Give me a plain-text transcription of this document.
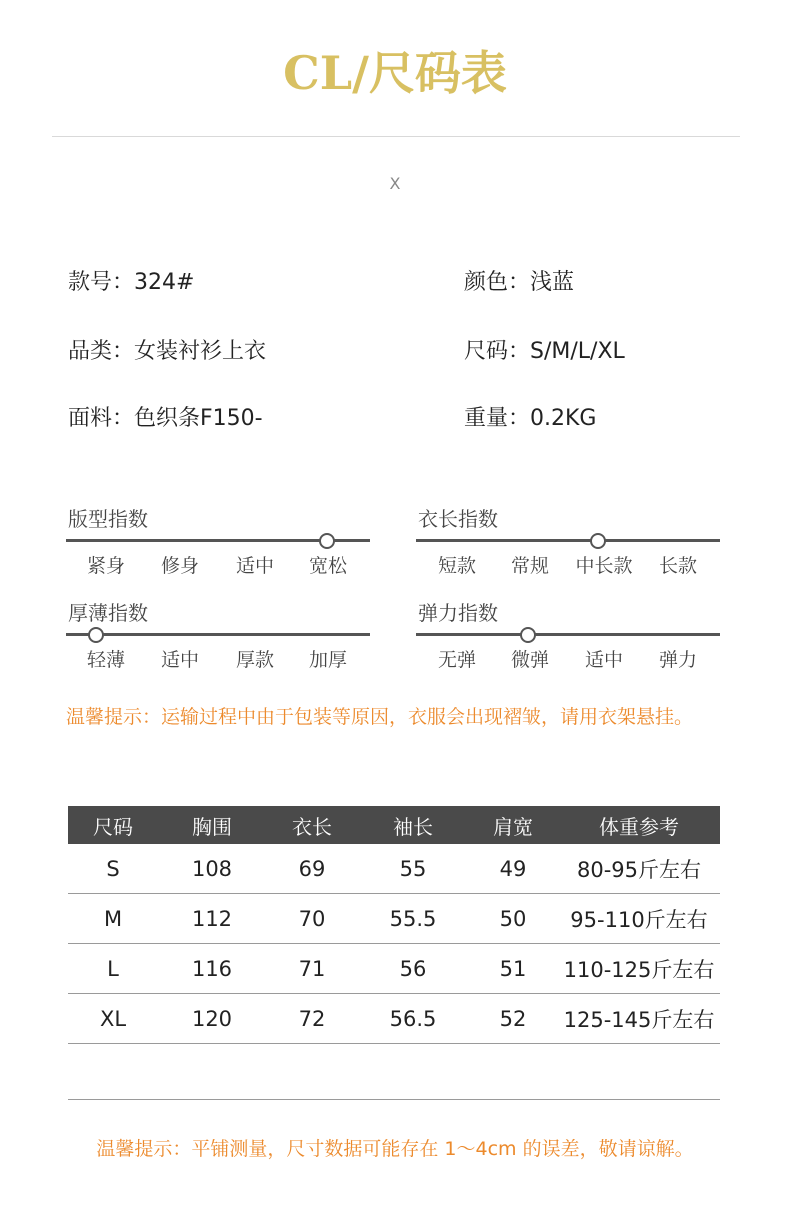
CL/尺码表
X
款号：324#	颜色：浅蓝
品类：女装衬衫上衣	尺码：S/M/L/XL
面料：色织条F150-	重量：0.2KG
版型指数
紧身	修身	适中	宽松
衣长指数
短款	常规	中长款	长款
厚薄指数
轻薄	适中	厚款	加厚
弹力指数
无弹	微弹	适中	弹力
温馨提示：运输过程中由于包装等原因，衣服会出现褶皱，请用衣架悬挂。
尺码	胸围	衣长	袖长	肩宽	体重参考
S	108	69	55	49	80-95斤左右
M	112	70	55.5	50	95-110斤左右
L	116	71	56	51	110-125斤左右
XL	120	72	56.5	52	125-145斤左右
温馨提示：平铺测量，尺寸数据可能存在 1～4cm 的误差，敬请谅解。
